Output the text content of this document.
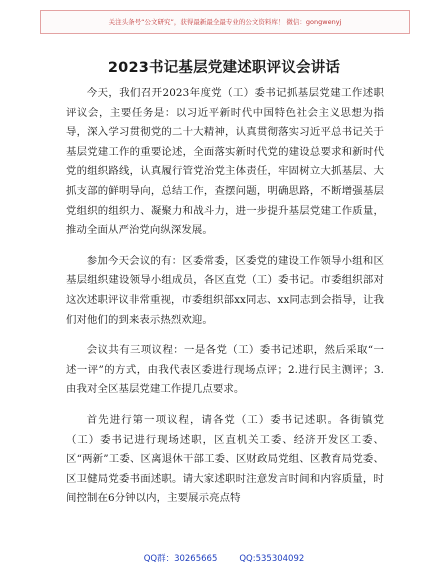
关注头条号“公文研究”，获得最新最全最专业的公文资料库！ 微信：gongwenyj
2023书记基层党建述职评议会讲话

今天，我们召开2023年度党（工）委书记抓基层党建工作述职评议会，主要任务是：以习近平新时代中国特色社会主义思想为指导，深入学习贯彻党的二十大精神，认真贯彻落实习近平总书记关于基层党建工作的重要论述，全面落实新时代党的建设总要求和新时代党的组织路线，认真履行管党治党主体责任，牢固树立大抓基层、大抓支部的鲜明导向，总结工作，查摆问题，明确思路，不断增强基层党组织的组织力、凝聚力和战斗力，进一步提升基层党建工作质量，推动全面从严治党向纵深发展。

参加今天会议的有：区委常委，区委党的建设工作领导小组和区基层组织建设领导小组成员，各区直党（工）委书记。市委组织部对这次述职评议非常重视，市委组织部xx同志、xx同志到会指导，让我们对他们的到来表示热烈欢迎。

会议共有三项议程：一是各党（工）委书记述职，然后采取“一述一评”的方式，由我代表区委进行现场点评；2.进行民主测评；3.由我对全区基层党建工作提几点要求。

首先进行第一项议程，请各党（工）委书记述职。各街镇党（工）委书记进行现场述职，区直机关工委、经济开发区工委、区“两新”工委、区离退休干部工委、区财政局党组、区教育局党委、区卫健局党委书面述职。请大家述职时注意发言时间和内容质量，时间控制在6分钟以内，主要展示亮点特

QQ群：30265665	QQ:535304092
